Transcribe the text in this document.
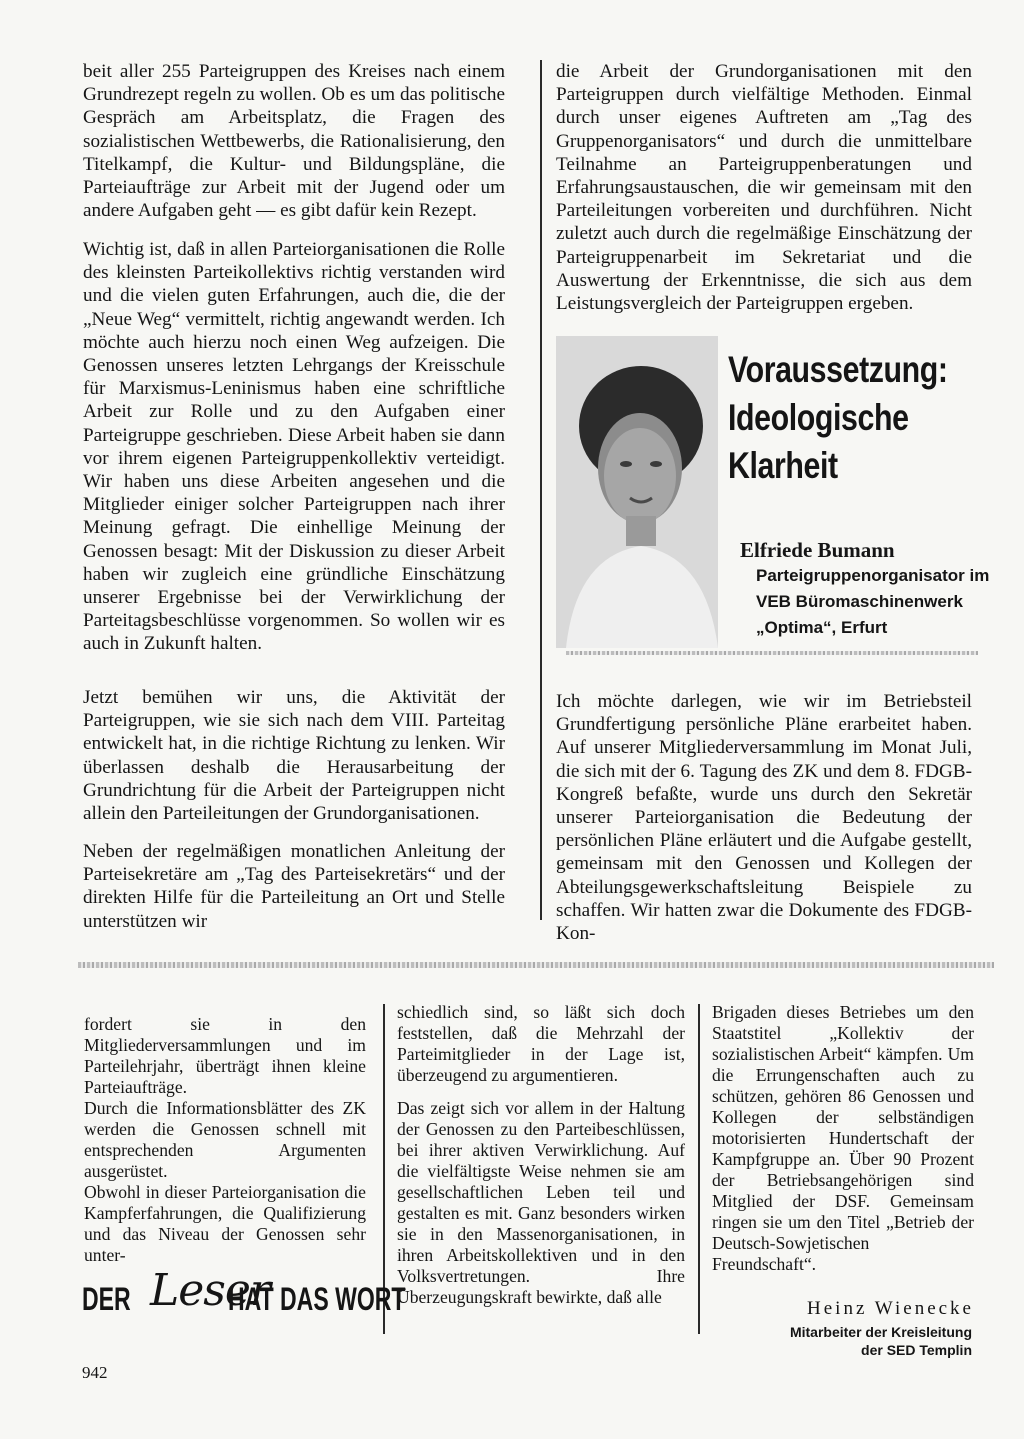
beit aller 255 Parteigruppen des Kreises nach einem Grundrezept regeln zu wollen. Ob es um das politische Gespräch am Arbeitsplatz, die Fragen des sozialistischen Wettbewerbs, die Rationalisierung, den Titelkampf, die Kultur- und Bildungspläne, die Parteiaufträge zur Arbeit mit der Jugend oder um andere Aufgaben geht — es gibt dafür kein Rezept.

Wichtig ist, daß in allen Parteiorganisationen die Rolle des kleinsten Parteikollektivs richtig verstanden wird und die vielen guten Erfahrungen, auch die, die der „Neue Weg“ vermittelt, richtig angewandt werden. Ich möchte auch hierzu noch einen Weg aufzeigen. Die Genossen unseres letzten Lehrgangs der Kreisschule für Marxismus-Leninismus haben eine schriftliche Arbeit zur Rolle und zu den Aufgaben einer Parteigruppe geschrieben. Diese Arbeit haben sie dann vor ihrem eigenen Parteigruppenkollektiv verteidigt. Wir haben uns diese Arbeiten angesehen und die Mitglieder einiger solcher Parteigruppen nach ihrer Meinung gefragt. Die einhellige Meinung der Genossen besagt: Mit der Diskussion zu dieser Arbeit haben wir zugleich eine gründliche Einschätzung unserer Ergebnisse bei der Verwirklichung der Parteitagsbeschlüsse vorgenommen. So wollen wir es auch in Zukunft halten.

Jetzt bemühen wir uns, die Aktivität der Parteigruppen, wie sie sich nach dem VIII. Parteitag entwickelt hat, in die richtige Richtung zu lenken. Wir überlassen deshalb die Herausarbeitung der Grundrichtung für die Arbeit der Parteigruppen nicht allein den Parteileitungen der Grundorganisationen.

Neben der regelmäßigen monatlichen Anleitung der Parteisekretäre am „Tag des Parteisekretärs“ und der direkten Hilfe für die Parteileitung an Ort und Stelle unterstützen wir

die Arbeit der Grundorganisationen mit den Parteigruppen durch vielfältige Methoden. Einmal durch unser eigenes Auftreten am „Tag des Gruppenorganisators“ und durch die unmittelbare Teilnahme an Parteigruppenberatungen und Erfahrungsaustauschen, die wir gemeinsam mit den Parteileitungen vorbereiten und durchführen. Nicht zuletzt auch durch die regelmäßige Einschätzung der Parteigruppenarbeit im Sekretariat und die Auswertung der Erkenntnisse, die sich aus dem Leistungsvergleich der Parteigruppen ergeben.

Voraussetzung:

Ideologische

Klarheit

Elfriede Bumann

Parteigruppenorganisator im

VEB Büromaschinenwerk

„Optima“, Erfurt

Ich möchte darlegen, wie wir im Betriebsteil Grundfertigung persönliche Pläne erarbeitet haben. Auf unserer Mitgliederversammlung im Monat Juli, die sich mit der 6. Tagung des ZK und dem 8. FDGB-Kongreß befaßte, wurde uns durch den Sekretär unserer Parteiorganisation die Bedeutung der persönlichen Pläne erläutert und die Aufgabe gestellt, gemeinsam mit den Genossen und Kollegen der Abteilungsgewerkschaftsleitung Beispiele zu schaffen. Wir hatten zwar die Dokumente des FDGB-Kon-

fordert sie in den Mitgliederversammlungen und im Parteilehrjahr, überträgt ihnen kleine Parteiaufträge.

Durch die Informationsblätter des ZK werden die Genossen schnell mit entsprechenden Argumenten ausgerüstet.

Obwohl in dieser Parteiorganisation die Kampferfahrungen, die Qualifizierung und das Niveau der Genossen sehr unter-

schiedlich sind, so läßt sich doch feststellen, daß die Mehrzahl der Parteimitglieder in der Lage ist, überzeugend zu argumentieren.

Das zeigt sich vor allem in der Haltung der Genossen zu den Parteibeschlüssen, bei ihrer aktiven Verwirklichung. Auf die vielfältigste Weise nehmen sie am gesellschaftlichen Leben teil und gestalten es mit. Ganz besonders wirken sie in den Massenorganisationen, in ihren Arbeitskollektiven und in den Volksvertretungen. Ihre Überzeugungskraft bewirkte, daß alle

Brigaden dieses Betriebes um den Staatstitel „Kollektiv der sozialistischen Arbeit“ kämpfen. Um die Errungenschaften auch zu schützen, gehören 86 Genossen und Kollegen der selbständigen motorisierten Hundertschaft der Kampfgruppe an. Über 90 Prozent der Betriebsangehörigen sind Mitglied der DSF. Gemeinsam ringen sie um den Titel „Betrieb der Deutsch-Sowjetischen Freundschaft“.

Heinz Wienecke

Mitarbeiter der Kreisleitung

der SED Templin

DER Leser
HAT DAS WORT

942
